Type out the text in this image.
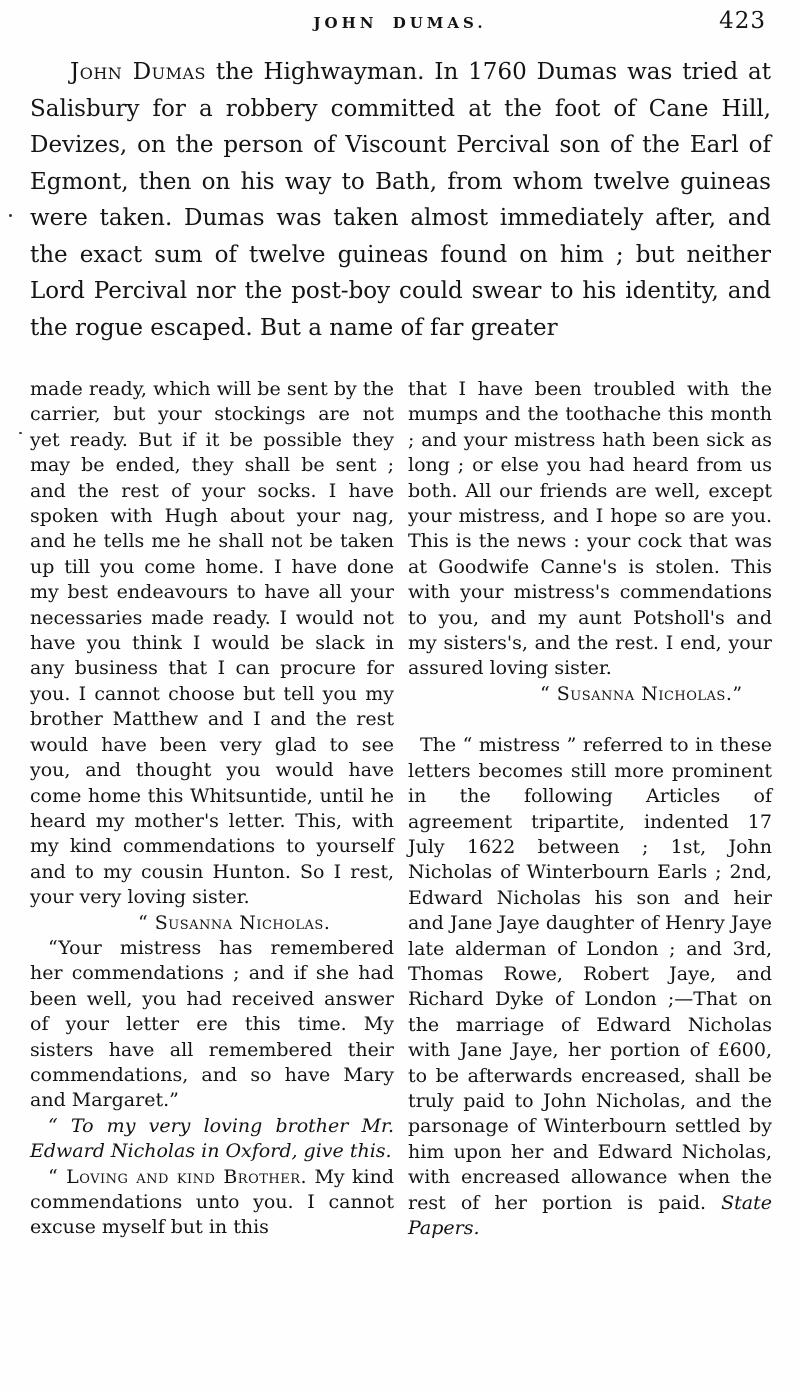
JOHN DUMAS.	423

John Dumas the Highwayman. In 1760 Dumas was tried at Salisbury for a robbery committed at the foot of Cane Hill, Devizes, on the person of Viscount Percival son of the Earl of Egmont, then on his way to Bath, from whom twelve guineas were taken. Dumas was taken almost immediately after, and the exact sum of twelve guineas found on him ; but neither Lord Percival nor the post-boy could swear to his identity, and the rogue escaped. But a name of far greater

made ready, which will be sent by the carrier, but your stockings are not yet ready. But if it be possible they may be ended, they shall be sent ; and the rest of your socks. I have spoken with Hugh about your nag, and he tells me he shall not be taken up till you come home. I have done my best endeavours to have all your necessaries made ready. I would not have you think I would be slack in any business that I can procure for you. I cannot choose but tell you my brother Matthew and I and the rest would have been very glad to see you, and thought you would have come home this Whitsuntide, until he heard my mother's letter. This, with my kind commendations to yourself and to my cousin Hunton. So I rest, your very loving sister.

“ Susanna Nicholas.

“Your mistress has remembered her commendations ; and if she had been well, you had received answer of your letter ere this time. My sisters have all remembered their commendations, and so have Mary and Margaret.”

“ To my very loving brother Mr. Edward Nicholas in Oxford, give this.

“ Loving and kind Brother. My kind commendations unto you. I cannot excuse myself but in this

that I have been troubled with the mumps and the toothache this month ; and your mistress hath been sick as long ; or else you had heard from us both. All our friends are well, except your mistress, and I hope so are you. This is the news : your cock that was at Goodwife Canne's is stolen. This with your mistress's commendations to you, and my aunt Potsholl's and my sisters's, and the rest. I end, your assured loving sister.

“ Susanna Nicholas.”

The “ mistress ” referred to in these letters becomes still more prominent in the following Articles of agreement tripartite, indented 17 July 1622 between ; 1st, John Nicholas of Winterbourn Earls ; 2nd, Edward Nicholas his son and heir and Jane Jaye daughter of Henry Jaye late alderman of London ; and 3rd, Thomas Rowe, Robert Jaye, and Richard Dyke of London ;—That on the marriage of Edward Nicholas with Jane Jaye, her portion of £600, to be afterwards encreased, shall be truly paid to John Nicholas, and the parsonage of Winterbourn settled by him upon her and Edward Nicholas, with encreased allowance when the rest of her portion is paid. State Papers.
